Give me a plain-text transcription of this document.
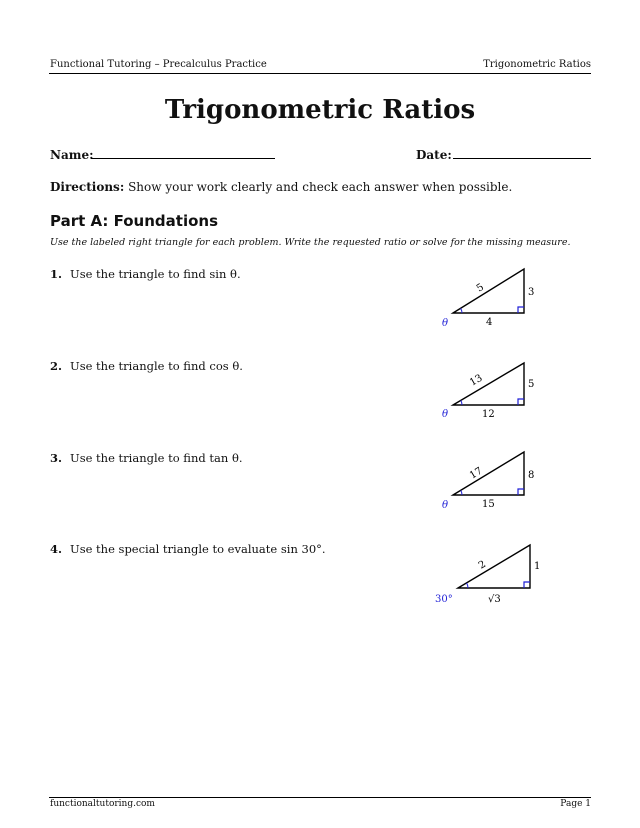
Functional Tutoring – Precalculus Practice	Trigonometric Ratios
Trigonometric Ratios
Name:	Date:
Directions: Show your work clearly and check each answer when possible.
Part A: Foundations
Use the labeled right triangle for each problem. Write the requested ratio or solve for the missing measure.
1. Use the triangle to find sin θ.
5	3
4
θ
2. Use the triangle to find cos θ.
13	5
12
θ
3. Use the triangle to find tan θ.
17	8
15
θ
4. Use the special triangle to evaluate sin 30°.
2	1
√3
30°
functionaltutoring.com	Page 1
